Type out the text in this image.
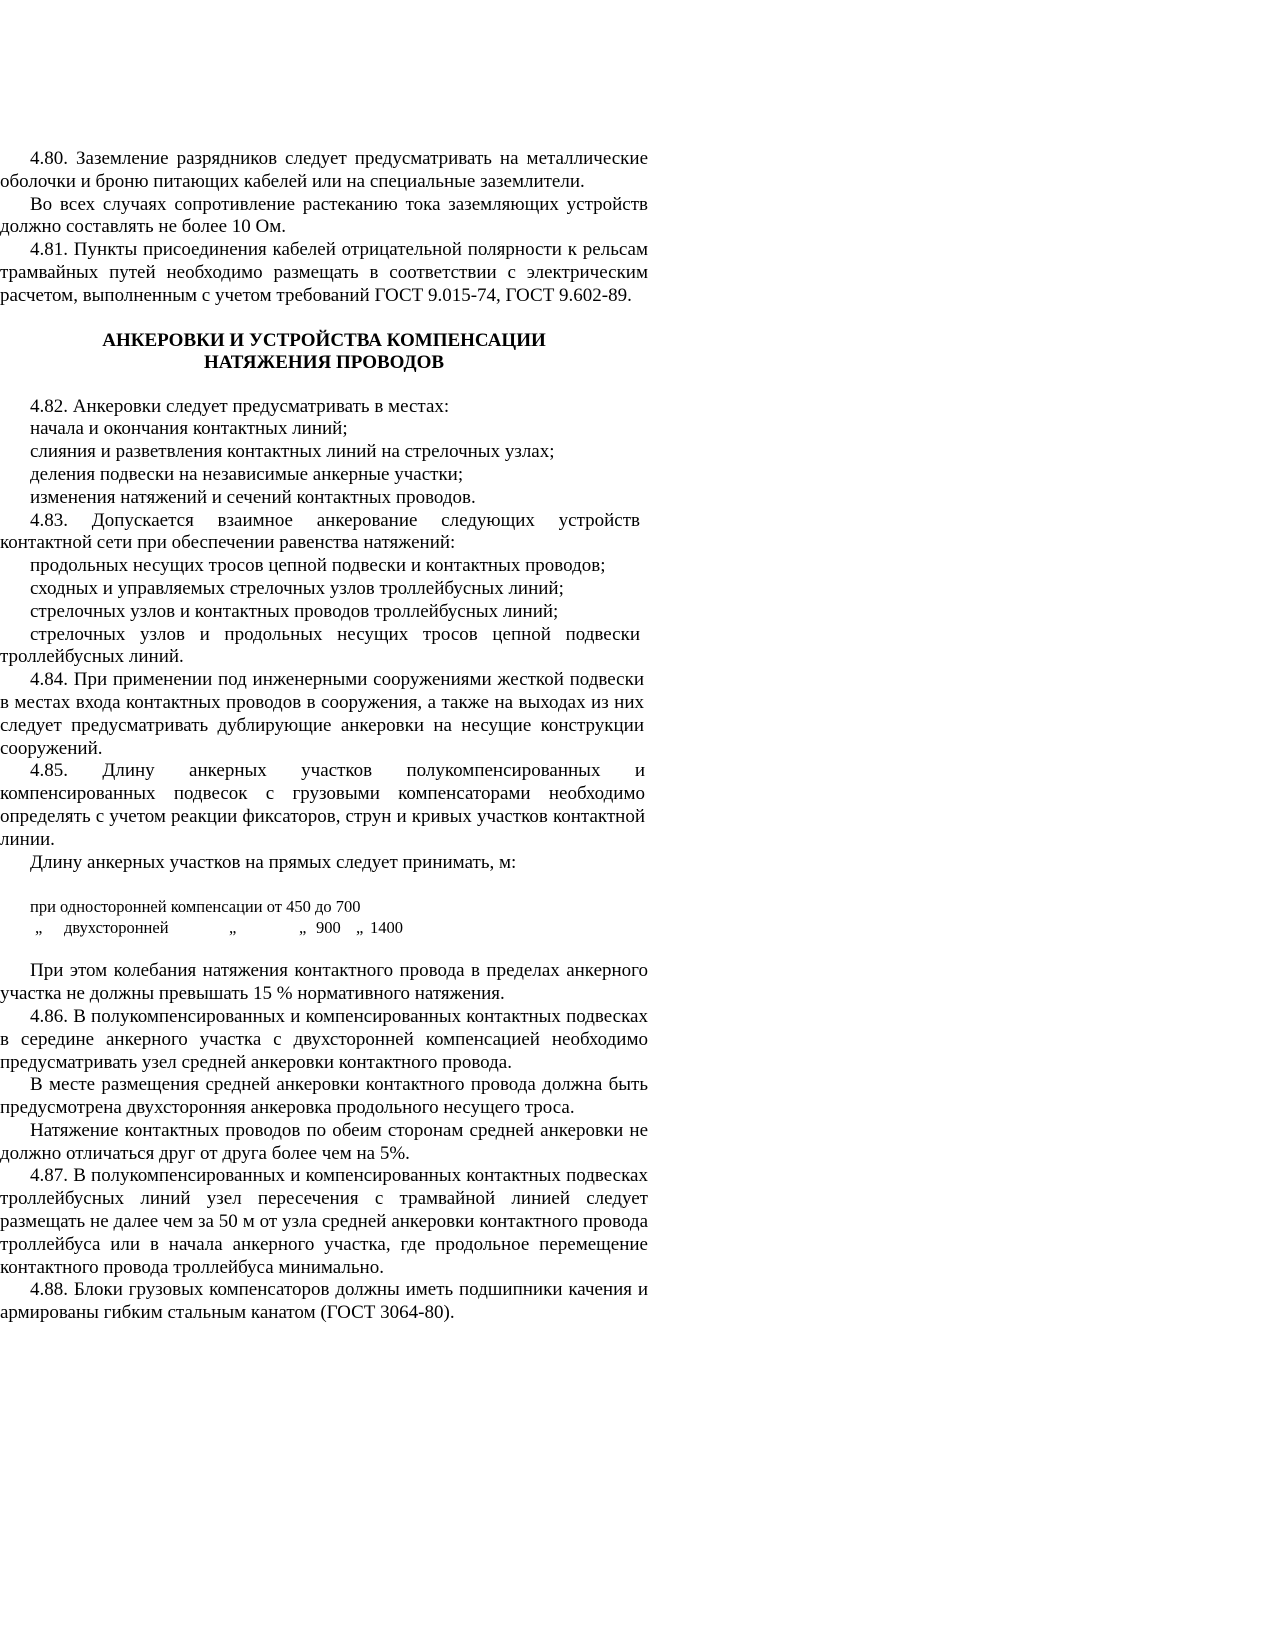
4.80. Заземление разрядников следует предусматривать на металлические оболочки и броню питающих кабелей или на специальные заземлители.

Во всех случаях сопротивление растеканию тока заземляющих устройств должно составлять не более 10 Ом.

4.81. Пункты присоединения кабелей отрицательной полярности к рельсам трамвайных путей необходимо размещать в соответствии с электрическим расчетом, выполненным с учетом требований ГОСТ 9.015-74, ГОСТ 9.602-89.

АНКЕРОВКИ И УСТРОЙСТВА КОМПЕНСАЦИИ
НАТЯЖЕНИЯ ПРОВОДОВ

4.82. Анкеровки следует предусматривать в местах:

начала и окончания контактных линий;

слияния и разветвления контактных линий на стрелочных узлах;

деления подвески на независимые анкерные участки;

изменения натяжений и сечений контактных проводов.

4.83. Допускается взаимное анкерование следующих устройств контактной сети при обеспечении равенства натяжений:

продольных несущих тросов цепной подвески и контактных проводов;

сходных и управляемых стрелочных узлов троллейбусных линий;

стрелочных узлов и контактных проводов троллейбусных линий;

стрелочных узлов и продольных несущих тросов цепной подвески троллейбусных линий.

4.84. При применении под инженерными сооружениями жесткой подвески в местах входа контактных проводов в сооружения, а также на выходах из них следует предусматривать дублирующие анкеровки на несущие конструкции сооружений.

4.85. Длину анкерных участков полукомпенсированных и компенсированных подвесок с грузовыми компенсаторами необходимо определять с учетом реакции фиксаторов, струн и кривых участков контактной линии.

Длину анкерных участков на прямых следует принимать, м:

при односторонней компенсации от 450 до 700
„ двухсторонней	„	„ 900 „ 1400

При этом колебания натяжения контактного провода в пределах анкерного участка не должны превышать 15 % нормативного натяжения.

4.86. В полукомпенсированных и компенсированных контактных подвесках в середине анкерного участка с двухсторонней компенсацией необходимо предусматривать узел средней анкеровки контактного провода.

В месте размещения средней анкеровки контактного провода должна быть предусмотрена двухсторонняя анкеровка продольного несущего троса.

Натяжение контактных проводов по обеим сторонам средней анкеровки не должно отличаться друг от друга более чем на 5%.

4.87. В полукомпенсированных и компенсированных контактных подвесках троллейбусных линий узел пересечения с трамвайной линией следует размещать не далее чем за 50 м от узла средней анкеровки контактного провода троллейбуса или в начала анкерного участка, где продольное перемещение контактного провода троллейбуса минимально.

4.88. Блоки грузовых компенсаторов должны иметь подшипники качения и армированы гибким стальным канатом (ГОСТ 3064-80).
